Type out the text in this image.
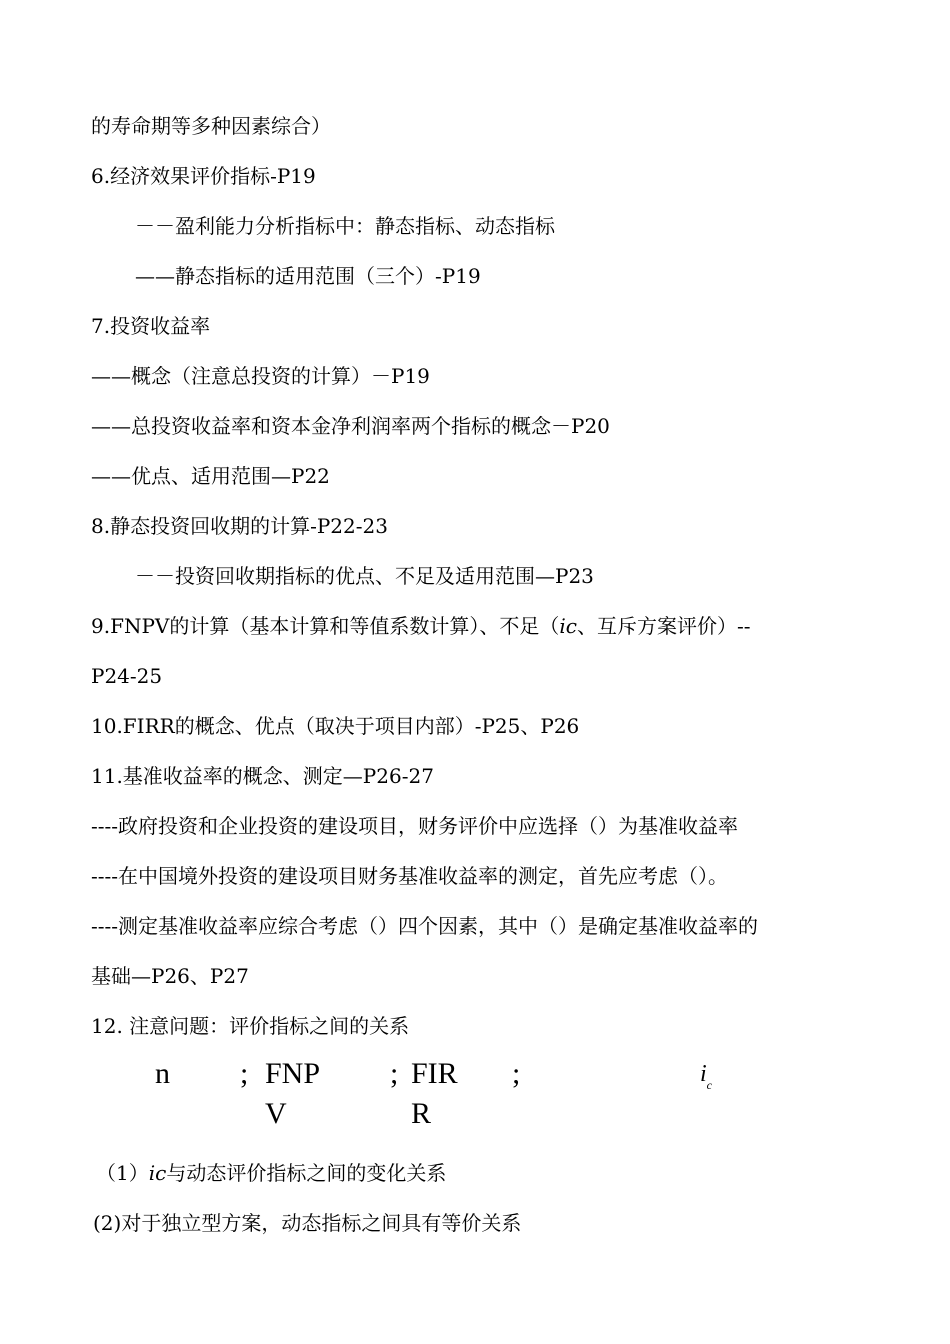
的寿命期等多种因素综合）
6.经济效果评价指标-P19
－－盈利能力分析指标中：静态指标、动态指标
——静态指标的适用范围（三个）-P19
7.投资收益率
——概念（注意总投资的计算）－P19
——总投资收益率和资本金净利润率两个指标的概念－P20
——优点、适用范围—P22
8.静态投资回收期的计算-P22-23
－－投资回收期指标的优点、不足及适用范围—P23
9.FNPV的计算（基本计算和等值系数计算）、不足（ic、互斥方案评价）--
P24-25
10.FIRR的概念、优点（取决于项目内部）-P25、P26
11.基准收益率的概念、测定—P26-27
----政府投资和企业投资的建设项目，财务评价中应选择（）为基准收益率
----在中国境外投资的建设项目财务基准收益率的测定，首先应考虑（）。
----测定基准收益率应综合考虑（）四个因素，其中（）是确定基准收益率的
基础—P26、P27
12. 注意问题：评价指标之间的关系
n ; FNP
V
; FIR
R
;	$i_c$
（1）ic与动态评价指标之间的变化关系
(2)对于独立型方案，动态指标之间具有等价关系
